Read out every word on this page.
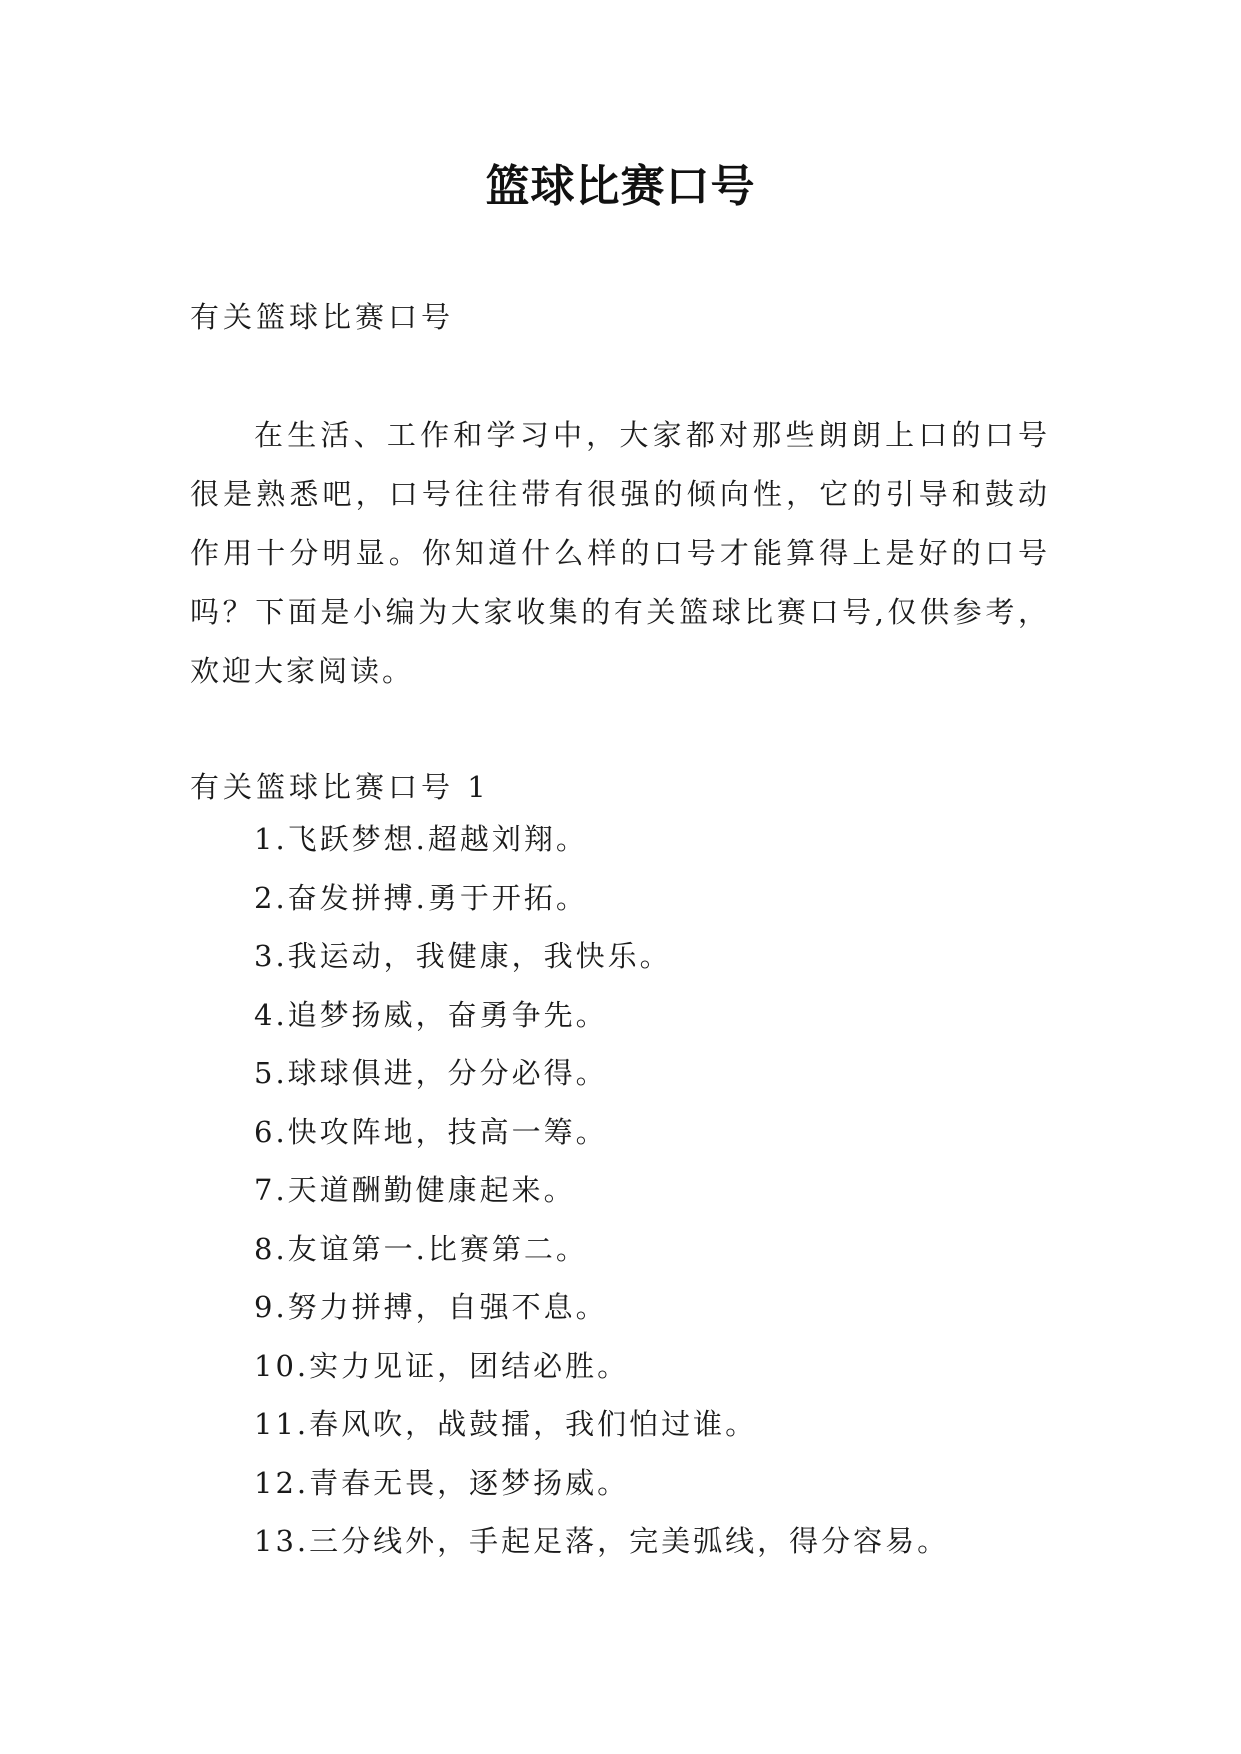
篮球比赛口号
有关篮球比赛口号

在生活、工作和学习中，大家都对那些朗朗上口的口号很是熟悉吧，口号往往带有很强的倾向性，它的引导和鼓动作用十分明显。你知道什么样的口号才能算得上是好的口号吗？下面是小编为大家收集的有关篮球比赛口号,仅供参考，欢迎大家阅读。

有关篮球比赛口号 1
1.飞跃梦想.超越刘翔。
2.奋发拼搏.勇于开拓。
3.我运动，我健康，我快乐。
4.追梦扬威，奋勇争先。
5.球球俱进，分分必得。
6.快攻阵地，技高一筹。
7.天道酬勤健康起来。
8.友谊第一.比赛第二。
9.努力拼搏，自强不息。
10.实力见证，团结必胜。
11.春风吹，战鼓擂，我们怕过谁。
12.青春无畏，逐梦扬威。
13.三分线外，手起足落，完美弧线，得分容易。
